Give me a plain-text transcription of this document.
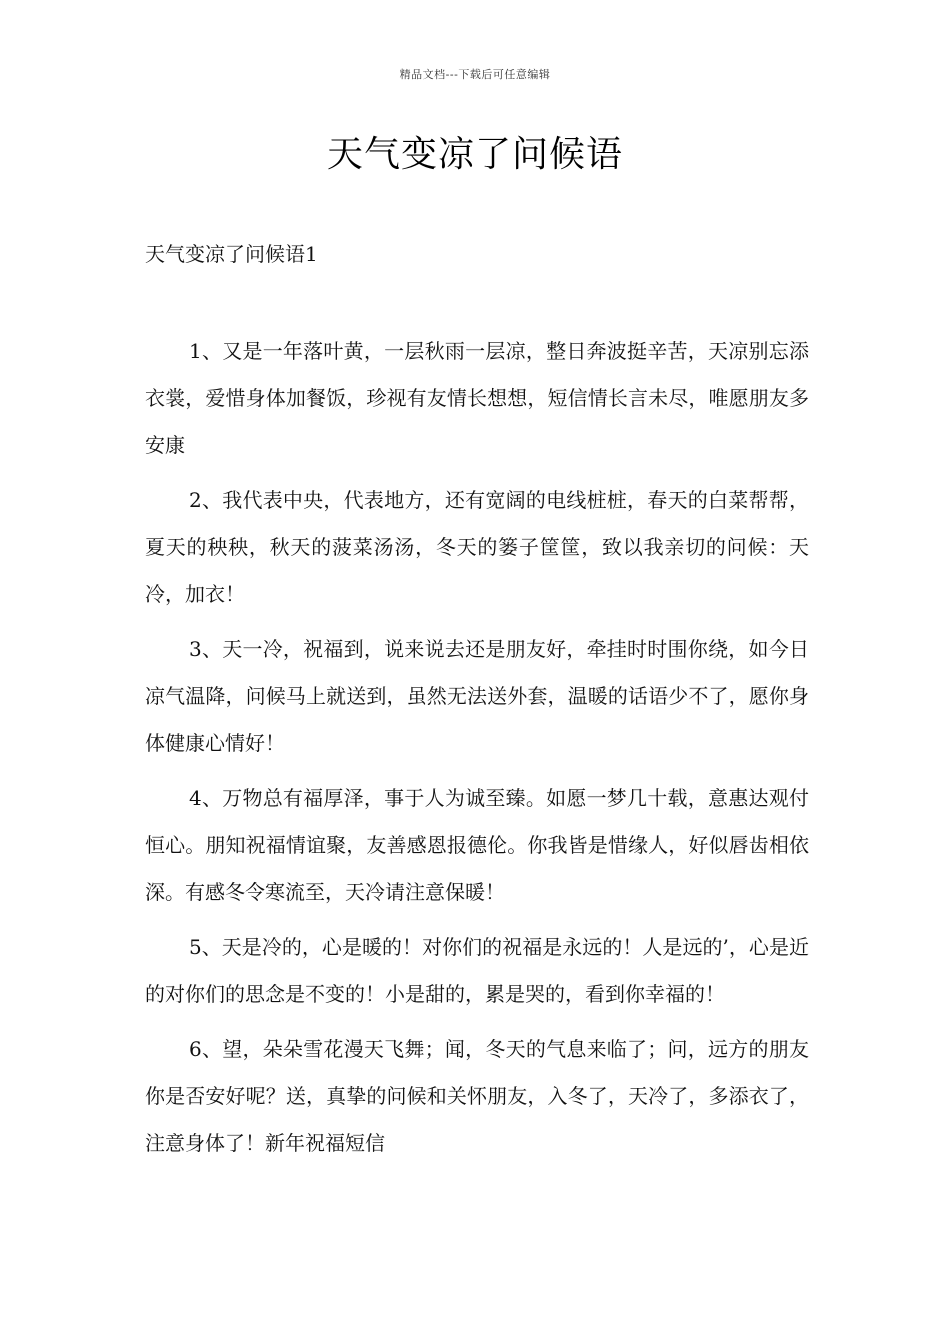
精品文档---下载后可任意编辑
天气变凉了问候语
天气变凉了问候语1

1、又是一年落叶黄，一层秋雨一层凉，整日奔波挺辛苦，天凉别忘添衣裳，爱惜身体加餐饭，珍视有友情长想想，短信情长言未尽，唯愿朋友多安康

2、我代表中央，代表地方，还有宽阔的电线桩桩，春天的白菜帮帮，夏天的秧秧，秋天的菠菜汤汤，冬天的篓子筐筐，致以我亲切的问候：天冷，加衣！

3、天一冷，祝福到，说来说去还是朋友好，牵挂时时围你绕，如今日凉气温降，问候马上就送到，虽然无法送外套，温暖的话语少不了，愿你身体健康心情好！

4、万物总有福厚泽，事于人为诚至臻。如愿一梦几十载，意惠达观付恒心。朋知祝福情谊聚，友善感恩报德伦。你我皆是惜缘人，好似唇齿相依深。有感冬令寒流至，天冷请注意保暖！

5、天是冷的，心是暖的！对你们的祝福是永远的！人是远的’，心是近的对你们的思念是不变的！小是甜的，累是哭的，看到你幸福的！

6、望，朵朵雪花漫天飞舞；闻，冬天的气息来临了；问，远方的朋友你是否安好呢？送，真挚的问候和关怀朋友，入冬了，天冷了，多添衣了，注意身体了！新年祝福短信
